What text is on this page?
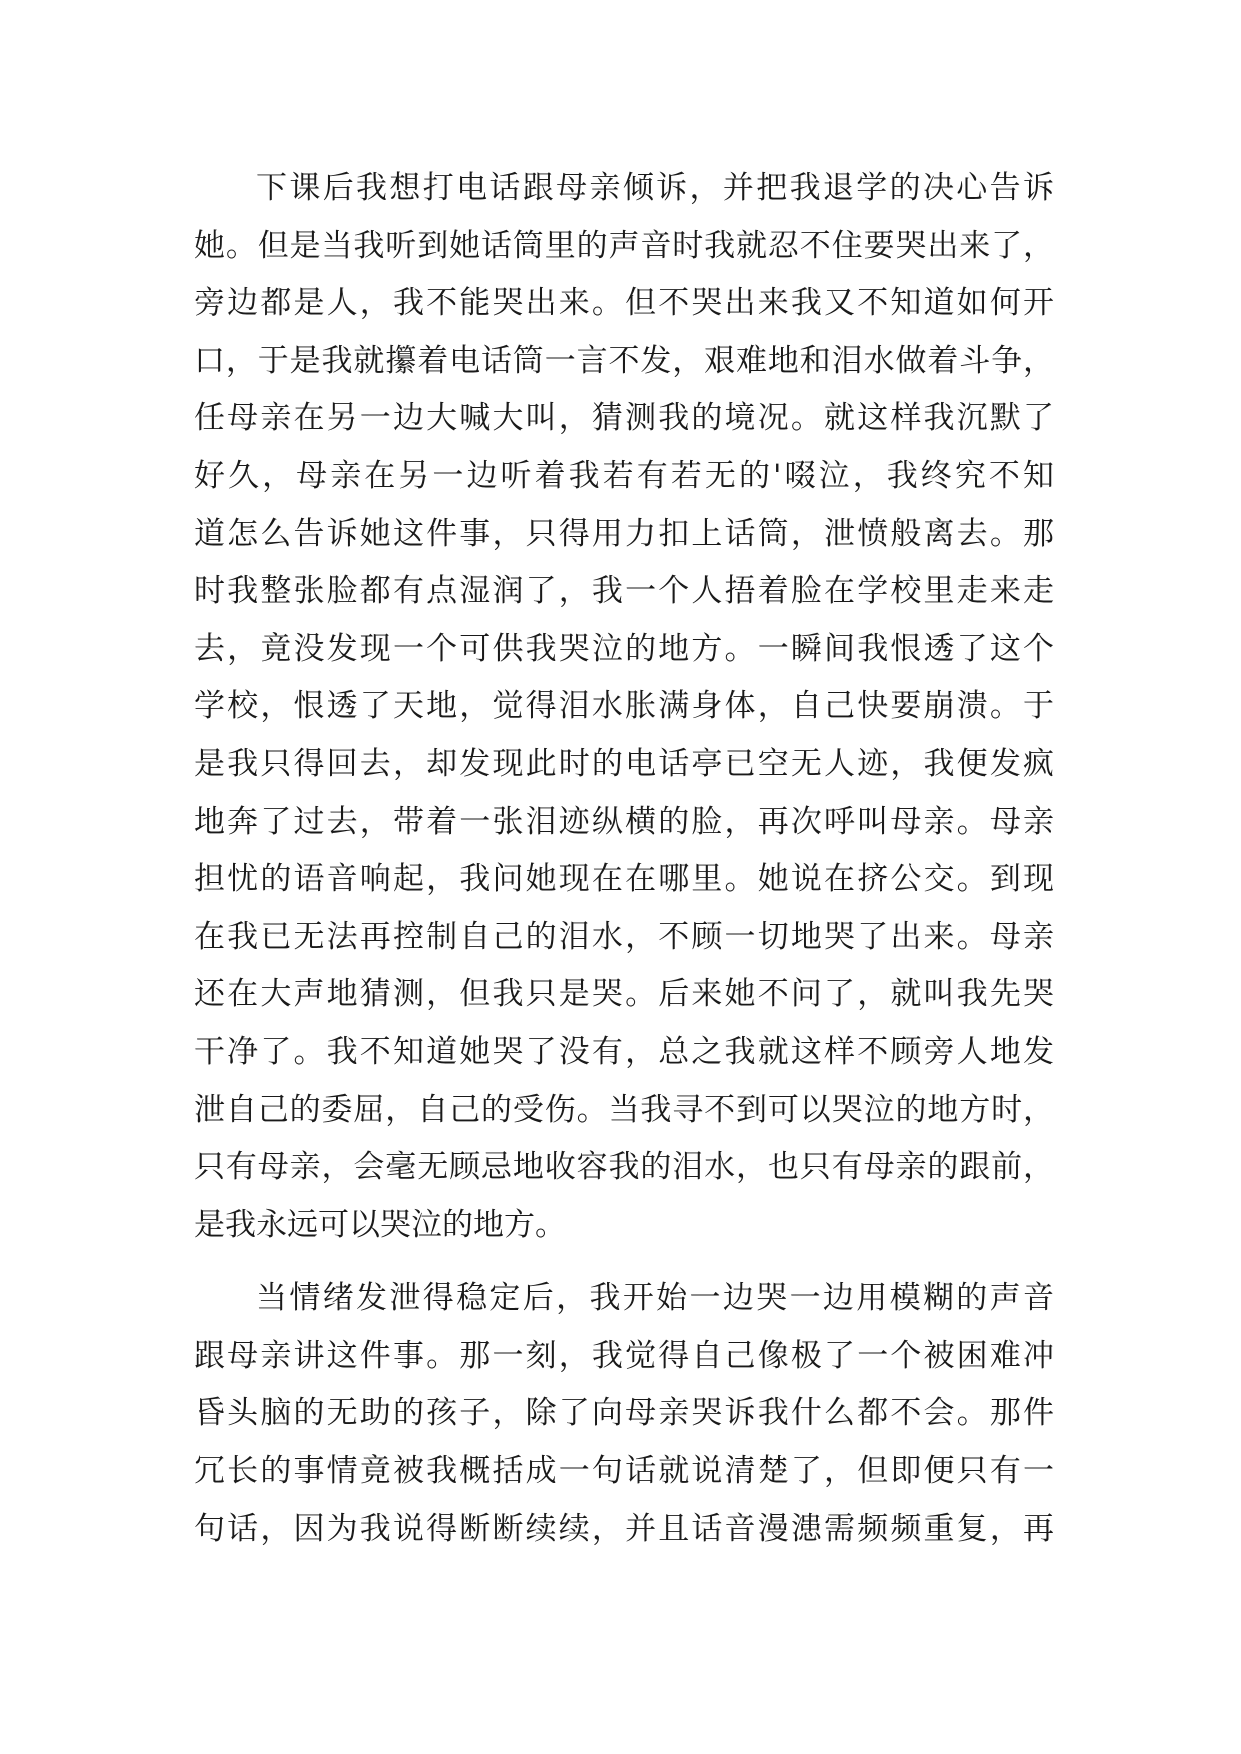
下课后我想打电话跟母亲倾诉，并把我退学的决心告诉
她。但是当我听到她话筒里的声音时我就忍不住要哭出来了，
旁边都是人，我不能哭出来。但不哭出来我又不知道如何开
口，于是我就攥着电话筒一言不发，艰难地和泪水做着斗争，
任母亲在另一边大喊大叫，猜测我的境况。就这样我沉默了
好久，母亲在另一边听着我若有若无的'啜泣，我终究不知
道怎么告诉她这件事，只得用力扣上话筒，泄愤般离去。那
时我整张脸都有点湿润了，我一个人捂着脸在学校里走来走
去，竟没发现一个可供我哭泣的地方。一瞬间我恨透了这个
学校，恨透了天地，觉得泪水胀满身体，自己快要崩溃。于
是我只得回去，却发现此时的电话亭已空无人迹，我便发疯
地奔了过去，带着一张泪迹纵横的脸，再次呼叫母亲。母亲
担忧的语音响起，我问她现在在哪里。她说在挤公交。到现
在我已无法再控制自己的泪水，不顾一切地哭了出来。母亲
还在大声地猜测，但我只是哭。后来她不问了，就叫我先哭
干净了。我不知道她哭了没有，总之我就这样不顾旁人地发
泄自己的委屈，自己的受伤。当我寻不到可以哭泣的地方时，
只有母亲，会毫无顾忌地收容我的泪水，也只有母亲的跟前，
是我永远可以哭泣的地方。
当情绪发泄得稳定后，我开始一边哭一边用模糊的声音
跟母亲讲这件事。那一刻，我觉得自己像极了一个被困难冲
昏头脑的无助的孩子，除了向母亲哭诉我什么都不会。那件
冗长的事情竟被我概括成一句话就说清楚了，但即便只有一
句话，因为我说得断断续续，并且话音漫漶需频频重复，再
